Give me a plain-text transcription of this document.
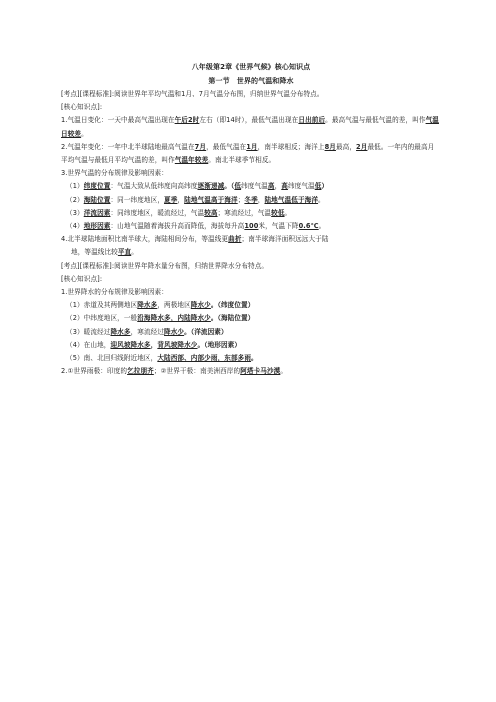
八年级第2章《世界气候》核心知识点
第一节　世界的气温和降水
[考点][课程标准]:阅读世界年平均气温和1月、7月气温分布图，归纳世界气温分布特点。
[核心知识点]:
1.气温日变化：一天中最高气温出现在午后2时左右（即14时），最低气温出现在日出前后。最高气温与最低气温的差，叫作气温日较差。
2.气温年变化：一年中北半球陆地最高气温在7月，最低气温在1月，南半球相反；海洋上8月最高，2月最低。一年内的最高月平均气温与最低月平均气温的差，叫作气温年较差。南北半球季节相反。
3.世界气温的分布规律及影响因素：
（1）纬度位置：气温大致从低纬度向高纬度逐渐递减。（低纬度气温高，高纬度气温低）
（2）海陆位置：同一纬度地区，夏季，陆地气温高于海洋；冬季，陆地气温低于海洋。
（3）洋流因素：同纬度地区，暖流经过，气温较高；寒流经过，气温较低。
（4）地形因素：山地气温随着海拔升高而降低，海拔每升高100米，气温下降0.6℃。
4.北半球陆地面积比南半球大，海陆相间分布，等温线更曲折；南半球海洋面积远远大于陆
地，等温线比较平直。
[考点][课程标准]:阅读世界年降水量分布图，归纳世界降水分布特点。
[核心知识点]:
1.世界降水的分布规律及影响因素：
（1）赤道及其两侧地区降水多，两极地区降水少。（纬度位置）
（2）中纬度地区，一般沿海降水多，内陆降水少。（海陆位置）
（3）暖流经过降水多，寒流经过降水少。（洋流因素）
（4）在山地，迎风坡降水多，背风坡降水少。（地形因素）
（5）南、北回归线附近地区，大陆西部、内部少雨，东部多雨。
2.①世界雨极：印度的乞拉朋齐；②世界干极：南美洲西岸的阿塔卡马沙漠。
